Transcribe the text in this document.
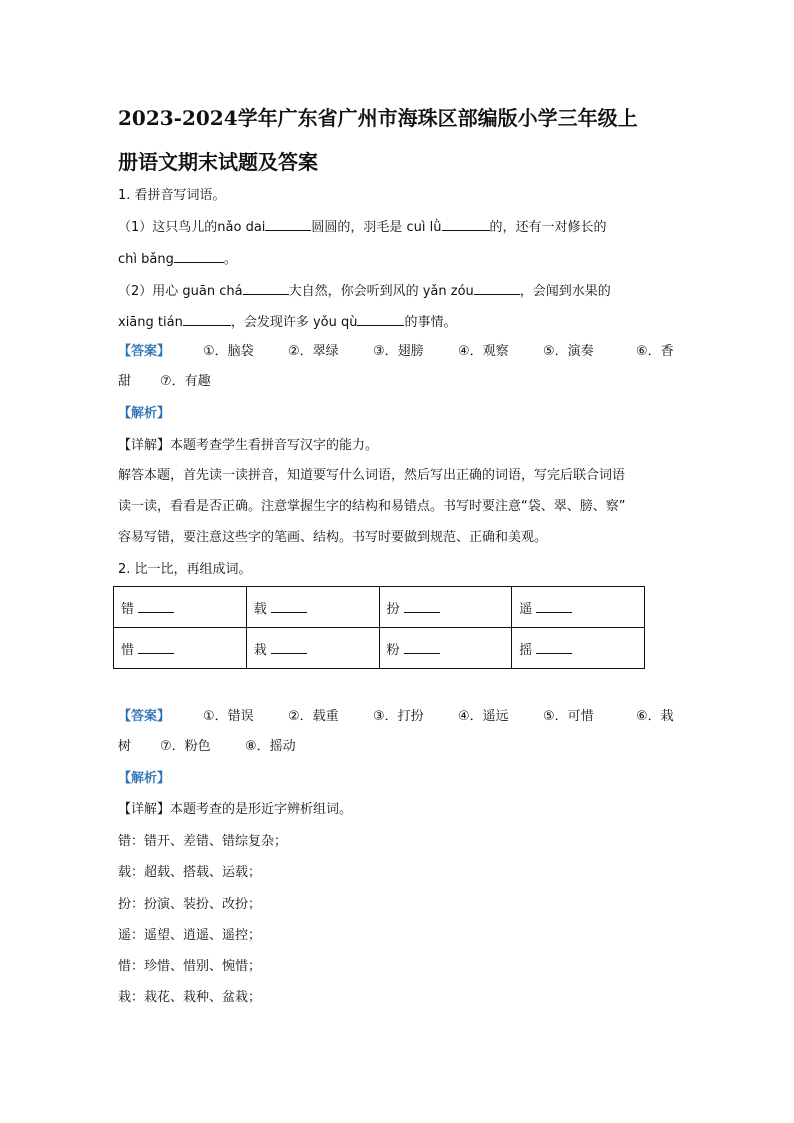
2023-2024学年广东省广州市海珠区部编版小学三年级上
册语文期末试题及答案
1. 看拼音写词语。
（1）这只鸟儿的nǎo dai	圆圆的，羽毛是 cuì lǜ	的，还有一对修长的
chì bǎng	。
（2）用心 guān chá	大自然，你会听到风的 yǎn zóu	，会闻到水果的
xiāng tián	，会发现许多 yǒu qù	的事情。
【答案】	①．脑袋	②．翠绿	③．翅膀	④．观察	⑤．演奏	⑥．香
甜 ⑦．有趣
【解析】
【详解】本题考查学生看拼音写汉字的能力。
解答本题，首先读一读拼音，知道要写什么词语，然后写出正确的词语，写完后联合词语
读一读，看看是否正确。注意掌握生字的结构和易错点。书写时要注意“袋、翠、膀、察”
容易写错，要注意这些字的笔画、结构。书写时要做到规范、正确和美观。
2. 比一比，再组成词。
错	载	扮	遥
惜	栽	粉	摇
【答案】	①．错误	②．载重	③．打扮	④．遥远	⑤．可惜	⑥．栽
树 ⑦．粉色	⑧．摇动
【解析】
【详解】本题考查的是形近字辨析组词。
错：错开、差错、错综复杂；
载：超载、搭载、运载；
扮：扮演、装扮、改扮；
遥：遥望、逍遥、遥控；
惜：珍惜、惜别、惋惜；
栽：栽花、栽种、盆栽；
